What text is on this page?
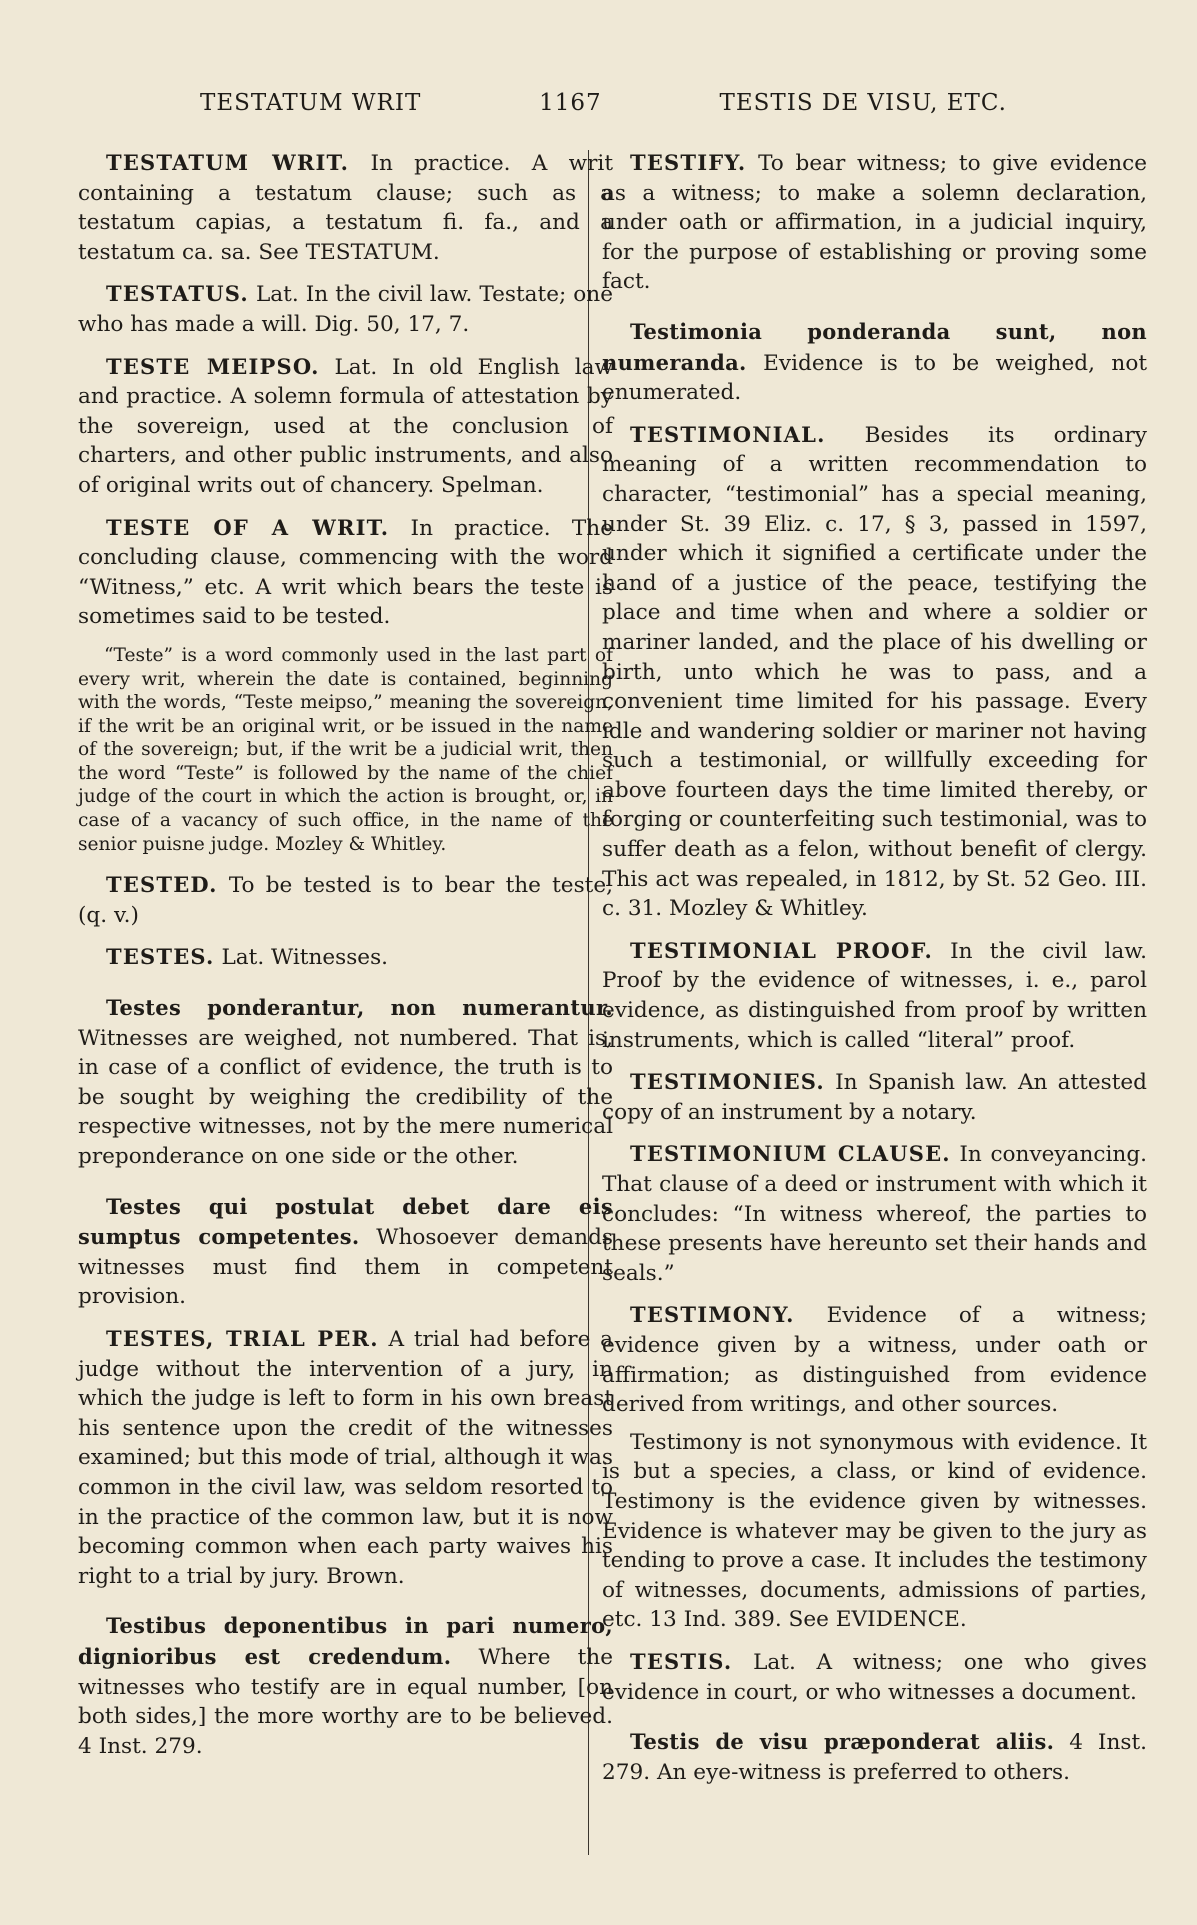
TESTATUM WRIT	1167	TESTIS DE VISU, ETC.

TESTATUM WRIT. In practice. A writ containing a testatum clause; such as a testatum capias, a testatum fi. fa., and a testatum ca. sa. See TESTATUM.

TESTATUS. Lat. In the civil law. Testate; one who has made a will. Dig. 50, 17, 7.

TESTE MEIPSO. Lat. In old English law and practice. A solemn formula of attestation by the sovereign, used at the conclusion of charters, and other public instruments, and also of original writs out of chancery. Spelman.

TESTE OF A WRIT. In practice. The concluding clause, commencing with the word “Witness,” etc. A writ which bears the teste is sometimes said to be tested.

“Teste” is a word commonly used in the last part of every writ, wherein the date is contained, beginning with the words, “Teste meipso,” meaning the sovereign, if the writ be an original writ, or be issued in the name of the sovereign; but, if the writ be a judicial writ, then the word “Teste” is followed by the name of the chief judge of the court in which the action is brought, or, in case of a vacancy of such office, in the name of the senior puisne judge. Mozley & Whitley.

TESTED. To be tested is to bear the teste, (q. v.)

TESTES. Lat. Witnesses.

Testes ponderantur, non numerantur. Witnesses are weighed, not numbered. That is, in case of a conflict of evidence, the truth is to be sought by weighing the credibility of the respective witnesses, not by the mere numerical preponderance on one side or the other.

Testes qui postulat debet dare eis sumptus competentes. Whosoever demands witnesses must find them in competent provision.

TESTES, TRIAL PER. A trial had before a judge without the intervention of a jury, in which the judge is left to form in his own breast his sentence upon the credit of the witnesses examined; but this mode of trial, although it was common in the civil law, was seldom resorted to in the practice of the common law, but it is now becoming common when each party waives his right to a trial by jury. Brown.

Testibus deponentibus in pari numero, dignioribus est credendum. Where the witnesses who testify are in equal number, [on both sides,] the more worthy are to be believed. 4 Inst. 279.

TESTIFY. To bear witness; to give evidence as a witness; to make a solemn declaration, under oath or affirmation, in a judicial inquiry, for the purpose of establishing or proving some fact.

Testimonia ponderanda sunt, non numeranda. Evidence is to be weighed, not enumerated.

TESTIMONIAL. Besides its ordinary meaning of a written recommendation to character, “testimonial” has a special meaning, under St. 39 Eliz. c. 17, § 3, passed in 1597, under which it signified a certificate under the hand of a justice of the peace, testifying the place and time when and where a soldier or mariner landed, and the place of his dwelling or birth, unto which he was to pass, and a convenient time limited for his passage. Every idle and wandering soldier or mariner not having such a testimonial, or willfully exceeding for above fourteen days the time limited thereby, or forging or counterfeiting such testimonial, was to suffer death as a felon, without benefit of clergy. This act was repealed, in 1812, by St. 52 Geo. III. c. 31. Mozley & Whitley.

TESTIMONIAL PROOF. In the civil law. Proof by the evidence of witnesses, i. e., parol evidence, as distinguished from proof by written instruments, which is called “literal” proof.

TESTIMONIES. In Spanish law. An attested copy of an instrument by a notary.

TESTIMONIUM CLAUSE. In conveyancing. That clause of a deed or instrument with which it concludes: “In witness whereof, the parties to these presents have hereunto set their hands and seals.”

TESTIMONY. Evidence of a witness; evidence given by a witness, under oath or affirmation; as distinguished from evidence derived from writings, and other sources.

Testimony is not synonymous with evidence. It is but a species, a class, or kind of evidence. Testimony is the evidence given by witnesses. Evidence is whatever may be given to the jury as tending to prove a case. It includes the testimony of witnesses, documents, admissions of parties, etc. 13 Ind. 389. See EVIDENCE.

TESTIS. Lat. A witness; one who gives evidence in court, or who witnesses a document.

Testis de visu præponderat aliis. 4 Inst. 279. An eye-witness is preferred to others.
